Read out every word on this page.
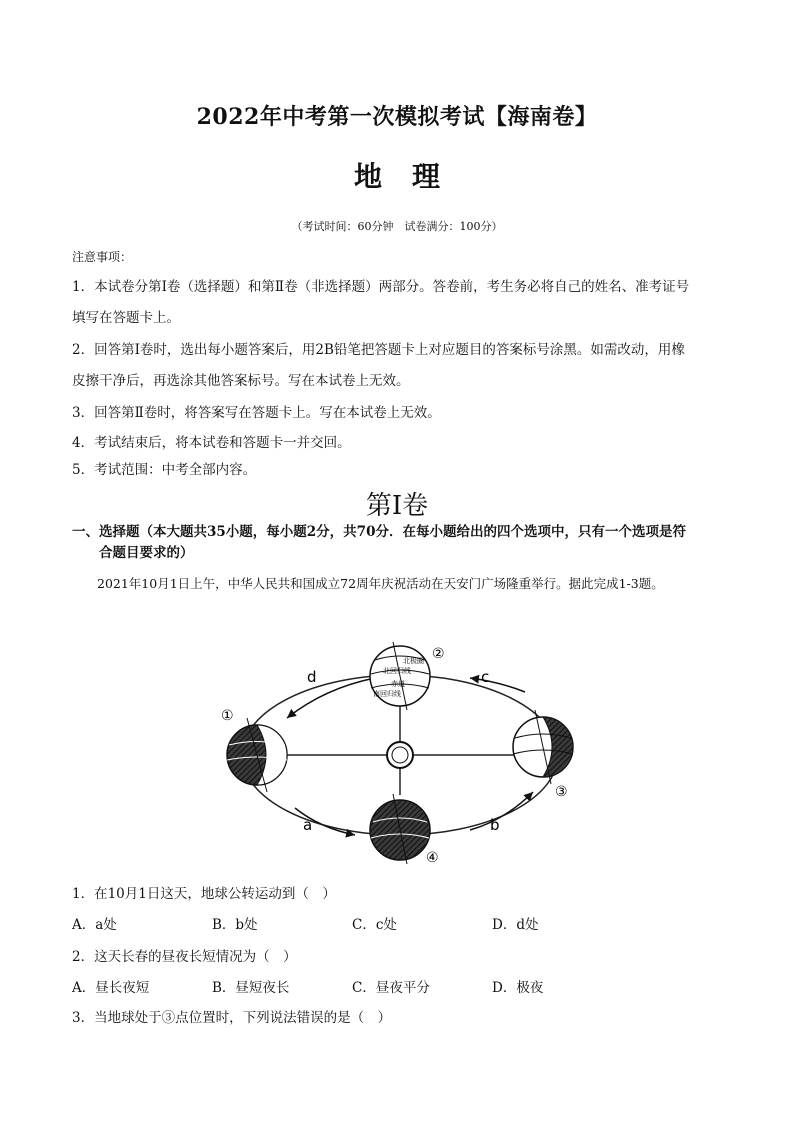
2022年中考第一次模拟考试【海南卷】
地理
（考试时间：60分钟　试卷满分：100分）
注意事项：
1．本试卷分第Ⅰ卷（选择题）和第Ⅱ卷（非选择题）两部分。答卷前，考生务必将自己的姓名、准考证号
填写在答题卡上。
2．回答第Ⅰ卷时，选出每小题答案后，用2B铅笔把答题卡上对应题目的答案标号涂黑。如需改动，用橡
皮擦干净后，再选涂其他答案标号。写在本试卷上无效。
3．回答第Ⅱ卷时，将答案写在答题卡上。写在本试卷上无效。
4．考试结束后，将本试卷和答题卡一并交回。
5．考试范围：中考全部内容。
第Ⅰ卷
一、选择题（本大题共35小题，每小题2分，共70分．在每小题给出的四个选项中，只有一个选项是符
合题目要求的）
2021年10月1日上午，中华人民共和国成立72周年庆祝活动在天安门广场隆重举行。据此完成1-3题。
d	c
a	b
①
北极圈
北回归线
赤道
南回归线
②
③
④
1．在10月1日这天，地球公转运动到（　）
A．a处	B．b处	C．c处	D．d处
2．这天长春的昼夜长短情况为（　）
A．昼长夜短	B．昼短夜长	C．昼夜平分	D．极夜
3．当地球处于③点位置时，下列说法错误的是（　）
